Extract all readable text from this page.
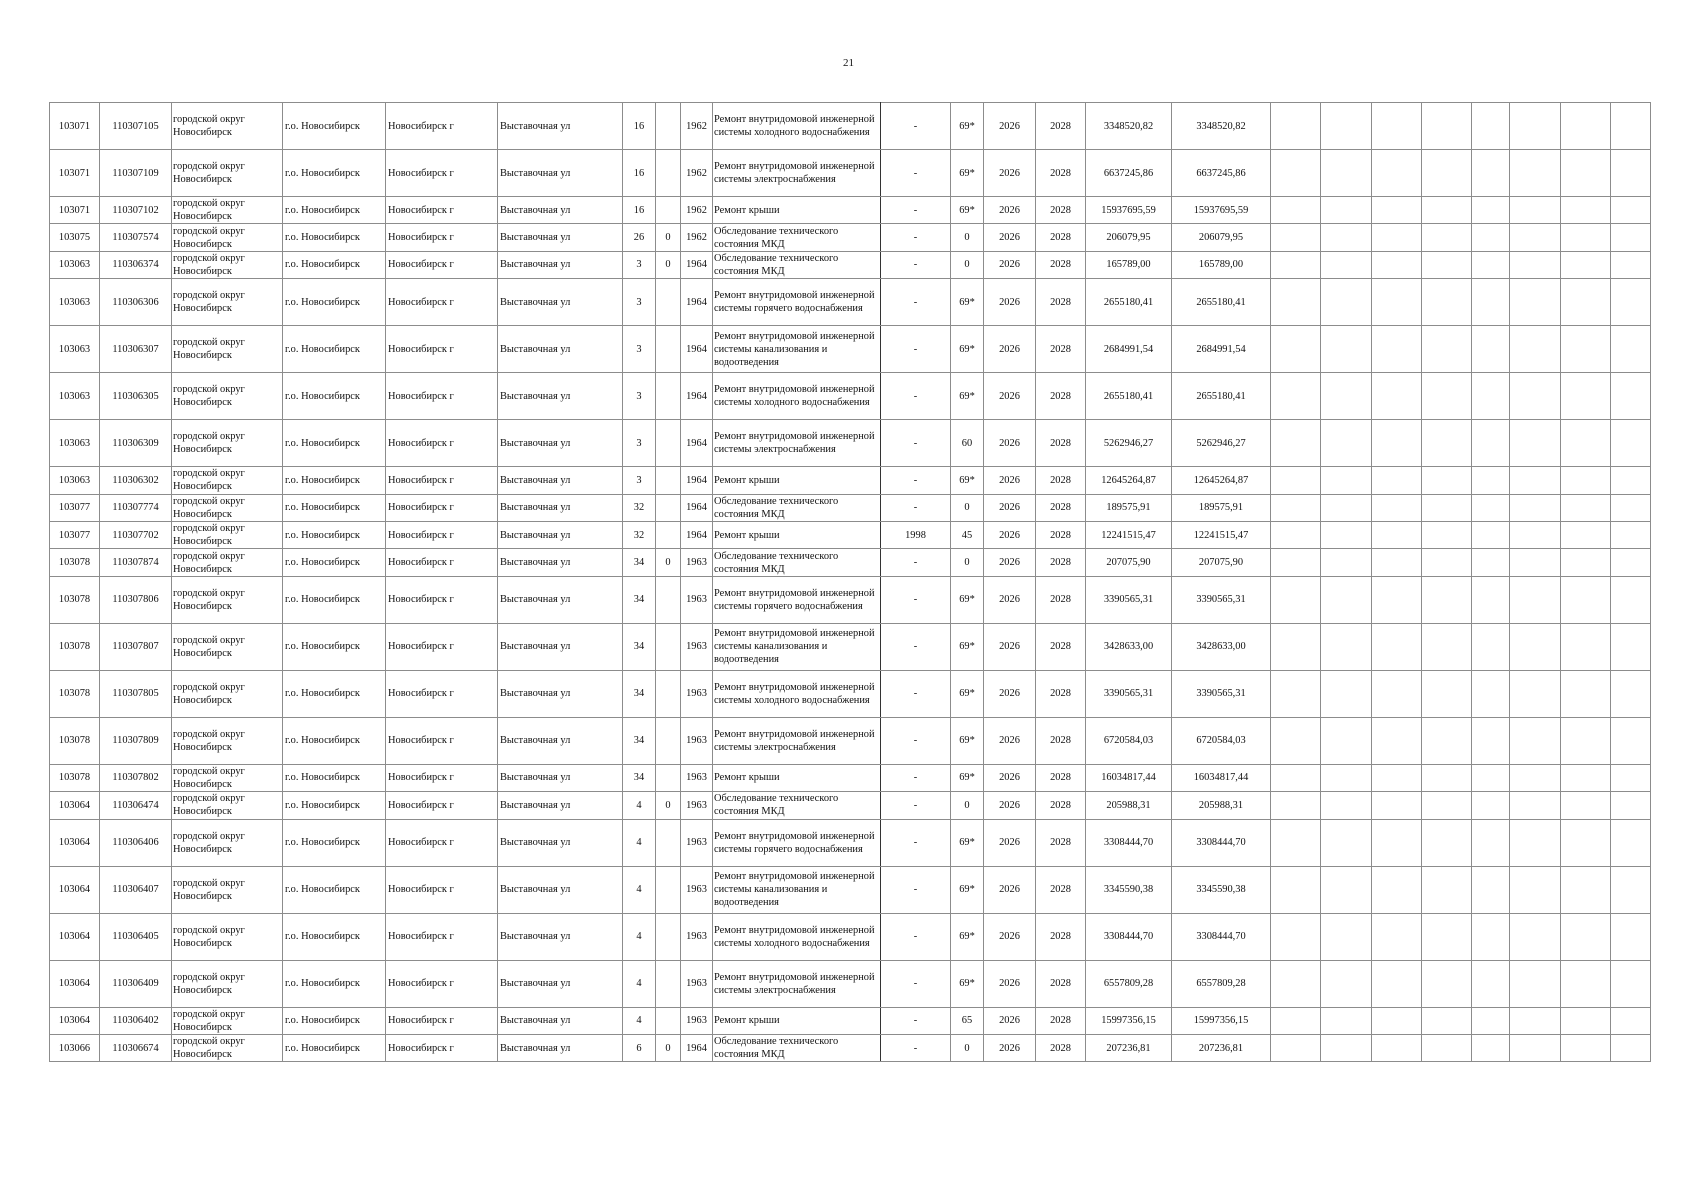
21
103071	110307105	городской округ Новосибирск	г.о. Новосибирск	Новосибирск г	Выставочная ул	16		1962	Ремонт внутридомовой инженерной системы холодного водоснабжения	-	69*	2026	2028	3348520,82	3348520,82								
103071	110307109	городской округ Новосибирск	г.о. Новосибирск	Новосибирск г	Выставочная ул	16		1962	Ремонт внутридомовой инженерной системы электроснабжения	-	69*	2026	2028	6637245,86	6637245,86								
103071	110307102	городской округ Новосибирск	г.о. Новосибирск	Новосибирск г	Выставочная ул	16		1962	Ремонт крыши	-	69*	2026	2028	15937695,59	15937695,59								
103075	110307574	городской округ Новосибирск	г.о. Новосибирск	Новосибирск г	Выставочная ул	26	0	1962	Обследование технического состояния МКД	-	0	2026	2028	206079,95	206079,95								
103063	110306374	городской округ Новосибирск	г.о. Новосибирск	Новосибирск г	Выставочная ул	3	0	1964	Обследование технического состояния МКД	-	0	2026	2028	165789,00	165789,00								
103063	110306306	городской округ Новосибирск	г.о. Новосибирск	Новосибирск г	Выставочная ул	3		1964	Ремонт внутридомовой инженерной системы горячего водоснабжения	-	69*	2026	2028	2655180,41	2655180,41								
103063	110306307	городской округ Новосибирск	г.о. Новосибирск	Новосибирск г	Выставочная ул	3		1964	Ремонт внутридомовой инженерной системы канализования и водоотведения	-	69*	2026	2028	2684991,54	2684991,54								
103063	110306305	городской округ Новосибирск	г.о. Новосибирск	Новосибирск г	Выставочная ул	3		1964	Ремонт внутридомовой инженерной системы холодного водоснабжения	-	69*	2026	2028	2655180,41	2655180,41								
103063	110306309	городской округ Новосибирск	г.о. Новосибирск	Новосибирск г	Выставочная ул	3		1964	Ремонт внутридомовой инженерной системы электроснабжения	-	60	2026	2028	5262946,27	5262946,27								
103063	110306302	городской округ Новосибирск	г.о. Новосибирск	Новосибирск г	Выставочная ул	3		1964	Ремонт крыши	-	69*	2026	2028	12645264,87	12645264,87								
103077	110307774	городской округ Новосибирск	г.о. Новосибирск	Новосибирск г	Выставочная ул	32		1964	Обследование технического состояния МКД	-	0	2026	2028	189575,91	189575,91								
103077	110307702	городской округ Новосибирск	г.о. Новосибирск	Новосибирск г	Выставочная ул	32		1964	Ремонт крыши	1998	45	2026	2028	12241515,47	12241515,47								
103078	110307874	городской округ Новосибирск	г.о. Новосибирск	Новосибирск г	Выставочная ул	34	0	1963	Обследование технического состояния МКД	-	0	2026	2028	207075,90	207075,90								
103078	110307806	городской округ Новосибирск	г.о. Новосибирск	Новосибирск г	Выставочная ул	34		1963	Ремонт внутридомовой инженерной системы горячего водоснабжения	-	69*	2026	2028	3390565,31	3390565,31								
103078	110307807	городской округ Новосибирск	г.о. Новосибирск	Новосибирск г	Выставочная ул	34		1963	Ремонт внутридомовой инженерной системы канализования и водоотведения	-	69*	2026	2028	3428633,00	3428633,00								
103078	110307805	городской округ Новосибирск	г.о. Новосибирск	Новосибирск г	Выставочная ул	34		1963	Ремонт внутридомовой инженерной системы холодного водоснабжения	-	69*	2026	2028	3390565,31	3390565,31								
103078	110307809	городской округ Новосибирск	г.о. Новосибирск	Новосибирск г	Выставочная ул	34		1963	Ремонт внутридомовой инженерной системы электроснабжения	-	69*	2026	2028	6720584,03	6720584,03								
103078	110307802	городской округ Новосибирск	г.о. Новосибирск	Новосибирск г	Выставочная ул	34		1963	Ремонт крыши	-	69*	2026	2028	16034817,44	16034817,44								
103064	110306474	городской округ Новосибирск	г.о. Новосибирск	Новосибирск г	Выставочная ул	4	0	1963	Обследование технического состояния МКД	-	0	2026	2028	205988,31	205988,31								
103064	110306406	городской округ Новосибирск	г.о. Новосибирск	Новосибирск г	Выставочная ул	4		1963	Ремонт внутридомовой инженерной системы горячего водоснабжения	-	69*	2026	2028	3308444,70	3308444,70								
103064	110306407	городской округ Новосибирск	г.о. Новосибирск	Новосибирск г	Выставочная ул	4		1963	Ремонт внутридомовой инженерной системы канализования и водоотведения	-	69*	2026	2028	3345590,38	3345590,38								
103064	110306405	городской округ Новосибирск	г.о. Новосибирск	Новосибирск г	Выставочная ул	4		1963	Ремонт внутридомовой инженерной системы холодного водоснабжения	-	69*	2026	2028	3308444,70	3308444,70								
103064	110306409	городской округ Новосибирск	г.о. Новосибирск	Новосибирск г	Выставочная ул	4		1963	Ремонт внутридомовой инженерной системы электроснабжения	-	69*	2026	2028	6557809,28	6557809,28								
103064	110306402	городской округ Новосибирск	г.о. Новосибирск	Новосибирск г	Выставочная ул	4		1963	Ремонт крыши	-	65	2026	2028	15997356,15	15997356,15								
103066	110306674	городской округ Новосибирск	г.о. Новосибирск	Новосибирск г	Выставочная ул	6	0	1964	Обследование технического состояния МКД	-	0	2026	2028	207236,81	207236,81								
